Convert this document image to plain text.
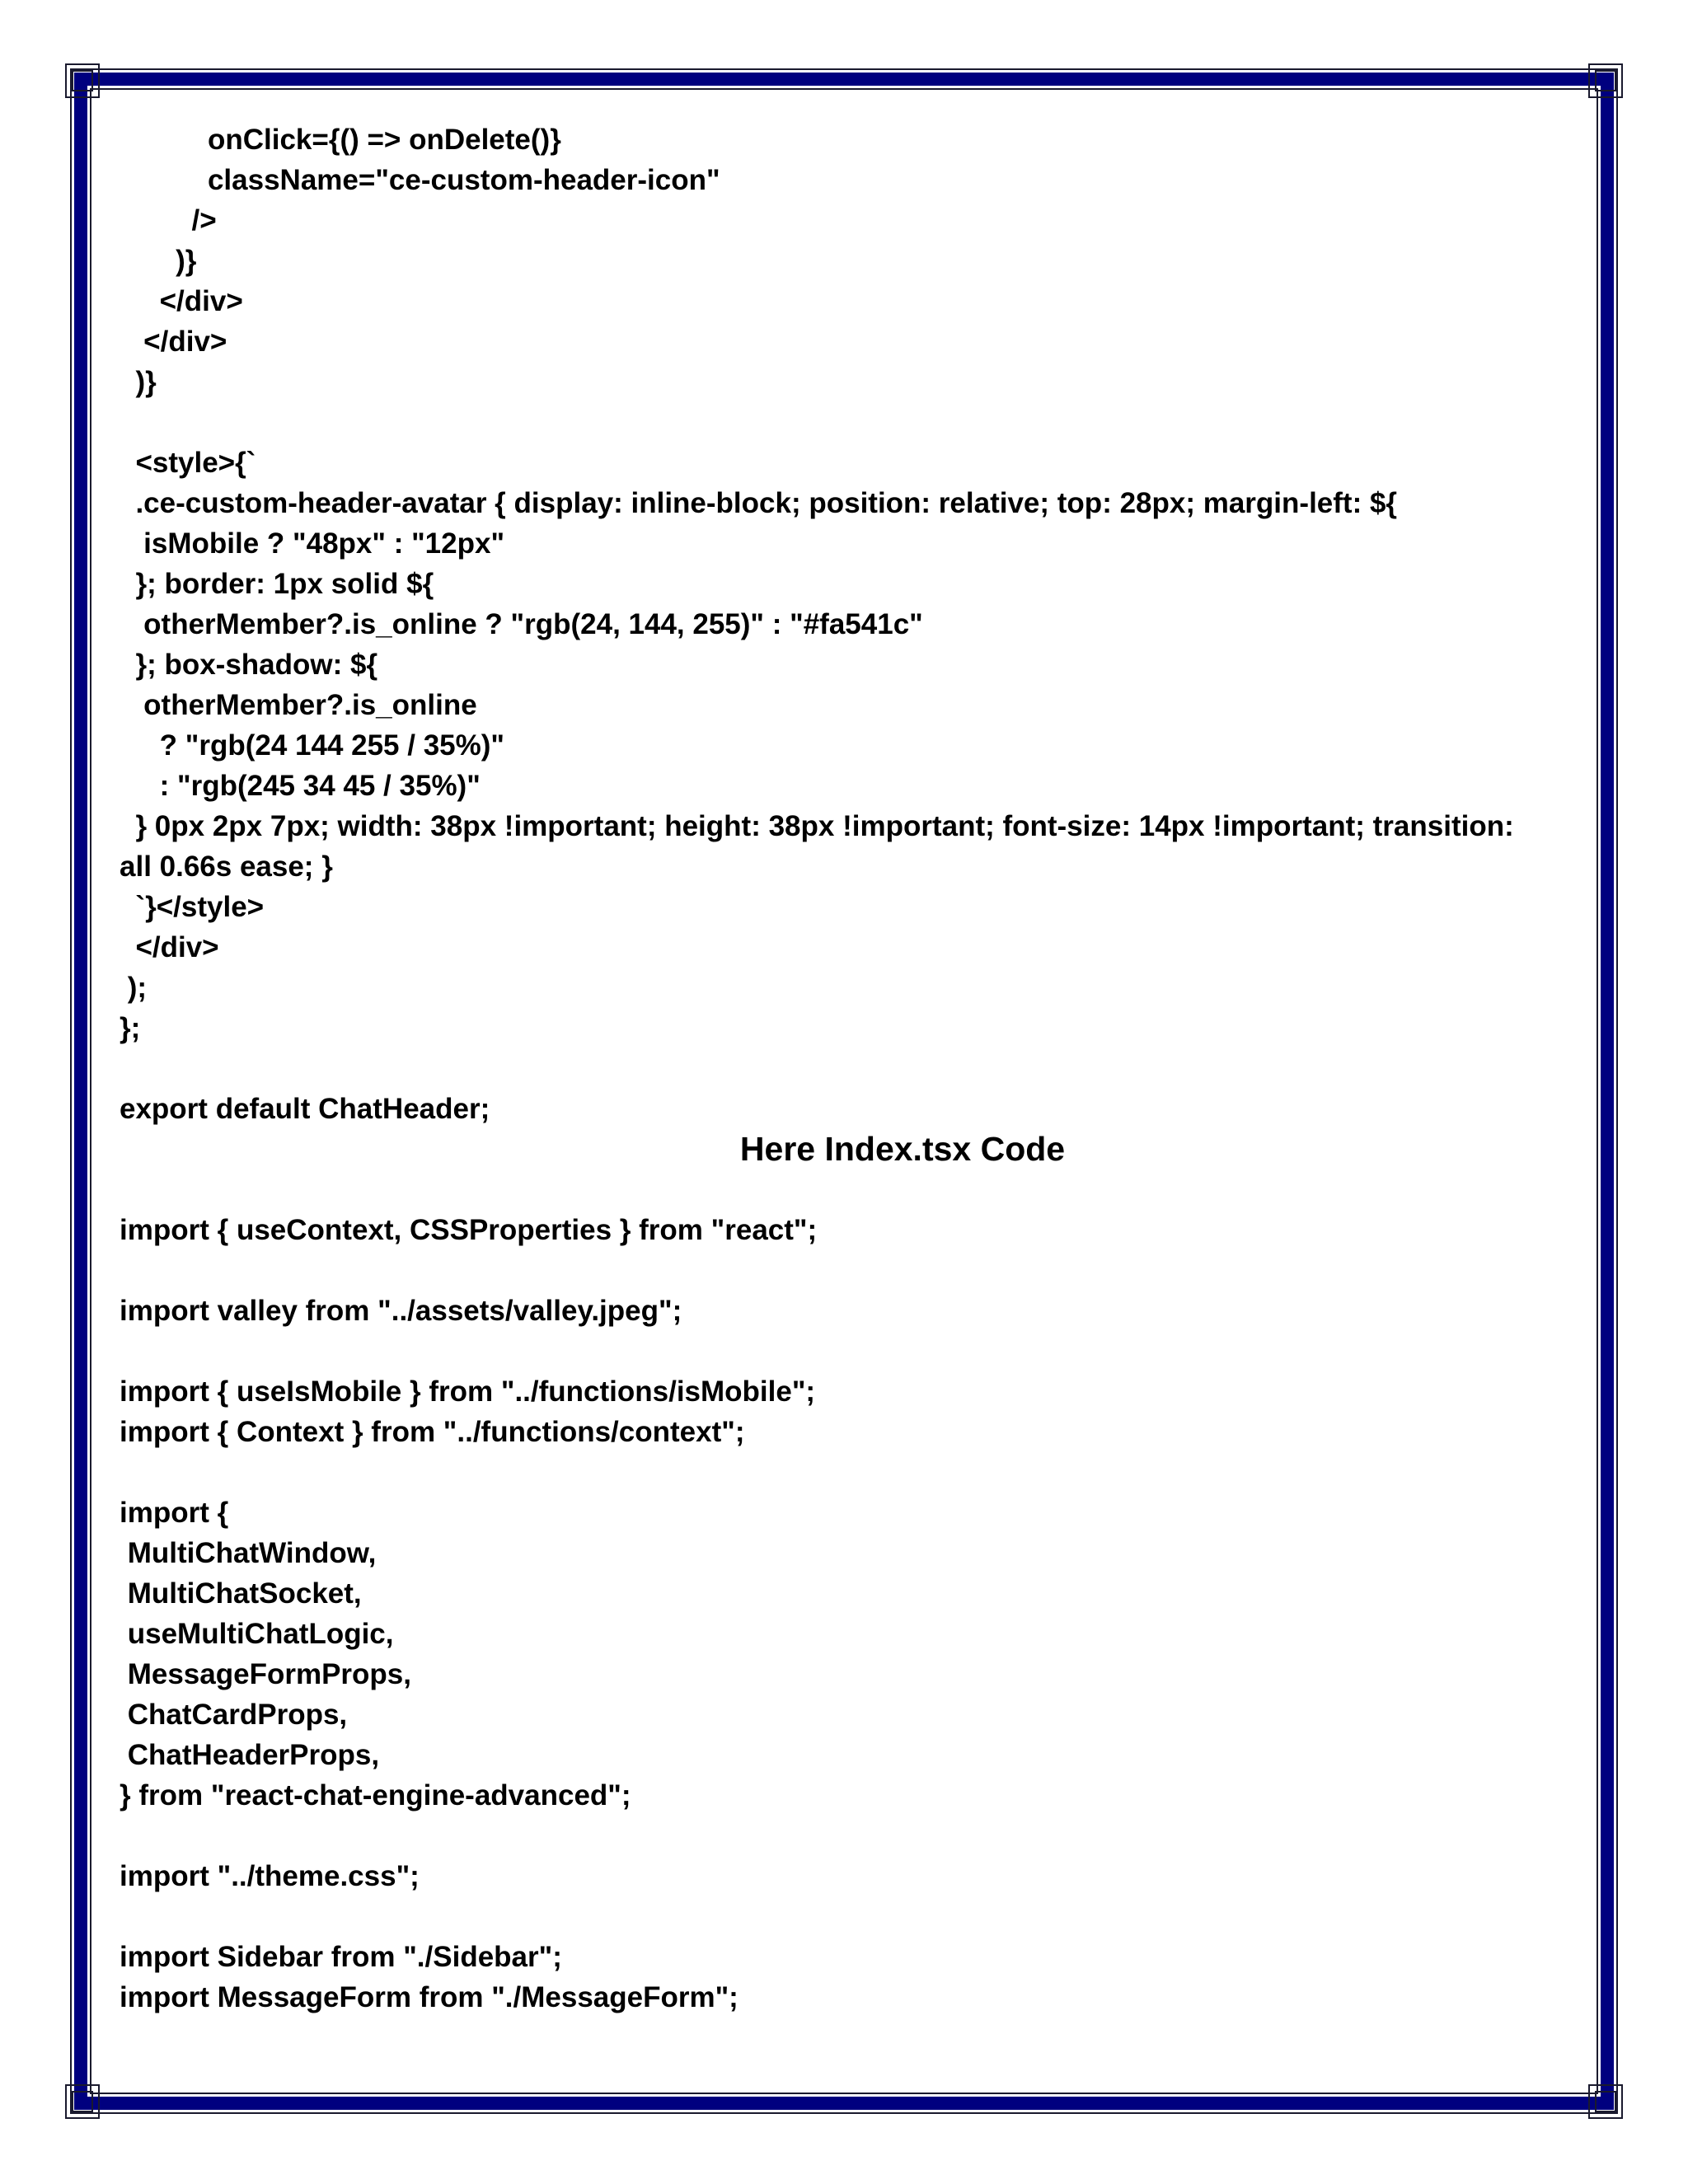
onClick={() => onDelete()}
className="ce-custom-header-icon"
/>
)}
</div>
</div>
)}
<style>{`
.ce-custom-header-avatar { display: inline-block; position: relative; top: 28px; margin-left: ${
isMobile ? "48px" : "12px"
}; border: 1px solid ${
otherMember?.is_online ? "rgb(24, 144, 255)" : "#fa541c"
}; box-shadow: ${
otherMember?.is_online
? "rgb(24 144 255 / 35%)"
: "rgb(245 34 45 / 35%)"
} 0px 2px 7px; width: 38px !important; height: 38px !important; font-size: 14px !important; transition:
all 0.66s ease; }
`}</style>
</div>
);
};
export default ChatHeader;
Here Index.tsx Code
import { useContext, CSSProperties } from "react";
import valley from "../assets/valley.jpeg";
import { useIsMobile } from "../functions/isMobile";
import { Context } from "../functions/context";
import {
MultiChatWindow,
MultiChatSocket,
useMultiChatLogic,
MessageFormProps,
ChatCardProps,
ChatHeaderProps,
} from "react-chat-engine-advanced";
import "../theme.css";
import Sidebar from "./Sidebar";
import MessageForm from "./MessageForm";
